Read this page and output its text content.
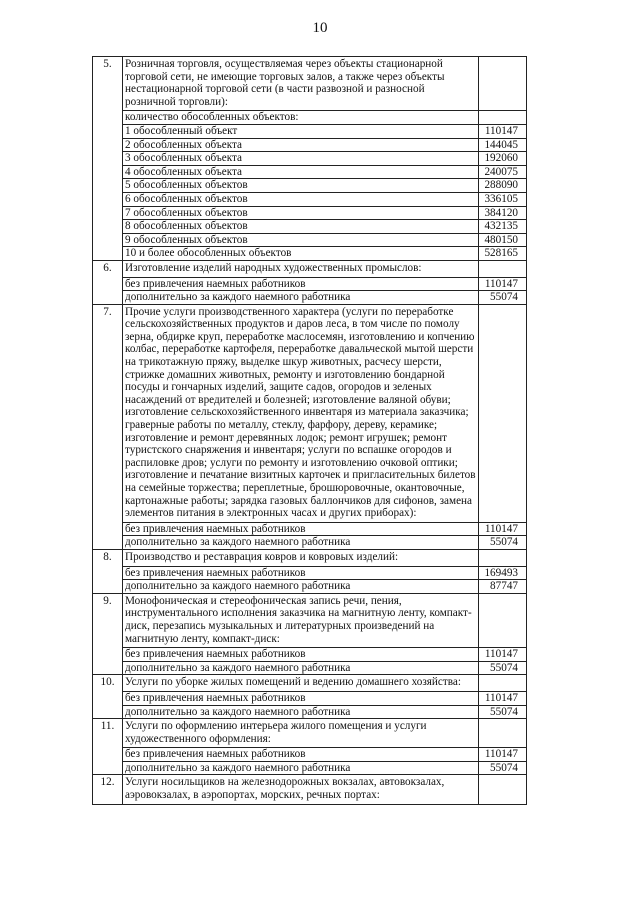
10
5.	Розничная торговля, осуществляемая через объекты стационарной торговой сети, не имеющие торговых залов, а также через объекты нестационарной торговой сети (в части развозной и разносной розничной торговли):	
	количество обособленных объектов:	
	1 обособленный объект	110147
	2 обособленных объекта	144045
	3 обособленных объекта	192060
	4 обособленных объекта	240075
	5 обособленных объектов	288090
	6 обособленных объектов	336105
	7 обособленных объектов	384120
	8 обособленных объектов	432135
	9 обособленных объектов	480150
	10 и более обособленных объектов	528165
6.	Изготовление изделий народных художественных промыслов:	
	без привлечения наемных работников	110147
	дополнительно за каждого наемного работника	55074
7.	Прочие услуги производственного характера (услуги по переработке сельскохозяйственных продуктов и даров леса, в том числе по помолу зерна, обдирке круп, переработке маслосемян, изготовлению и копчению колбас, переработке картофеля, переработке давальческой мытой шерсти на трикотажную пряжу, выделке шкур животных, расчесу шерсти, стрижке домашних животных, ремонту и изготовлению бондарной посуды и гончарных изделий, защите садов, огородов и зеленых насаждений от вредителей и болезней; изготовление валяной обуви; изготовление сельскохозяйственного инвентаря из материала заказчика; граверные работы по металлу, стеклу, фарфору, дереву, керамике; изготовление и ремонт деревянных лодок; ремонт игрушек; ремонт туристского снаряжения и инвентаря; услуги по вспашке огородов и распиловке дров; услуги по ремонту и изготовлению очковой оптики; изготовление и печатание визитных карточек и пригласительных билетов на семейные торжества; переплетные, брошюровочные, окантовочные, картонажные работы; зарядка газовых баллончиков для сифонов, замена элементов питания в электронных часах и других приборах):	
	без привлечения наемных работников	110147
	дополнительно за каждого наемного работника	55074
8.	Производство и реставрация ковров и ковровых изделий:	
	без привлечения наемных работников	169493
	дополнительно за каждого наемного работника	87747
9.	Монофоническая и стереофоническая запись речи, пения, инструментального исполнения заказчика на магнитную ленту, компакт-диск, перезапись музыкальных и литературных произведений на магнитную ленту, компакт-диск:	
	без привлечения наемных работников	110147
	дополнительно за каждого наемного работника	55074
10.	Услуги по уборке жилых помещений и ведению домашнего хозяйства:	
	без привлечения наемных работников	110147
	дополнительно за каждого наемного работника	55074
11.	Услуги по оформлению интерьера жилого помещения и услуги художественного оформления:	
	без привлечения наемных работников	110147
	дополнительно за каждого наемного работника	55074
12.	Услуги носильщиков на железнодорожных вокзалах, автовокзалах, аэровокзалах, в аэропортах, морских, речных портах:	
